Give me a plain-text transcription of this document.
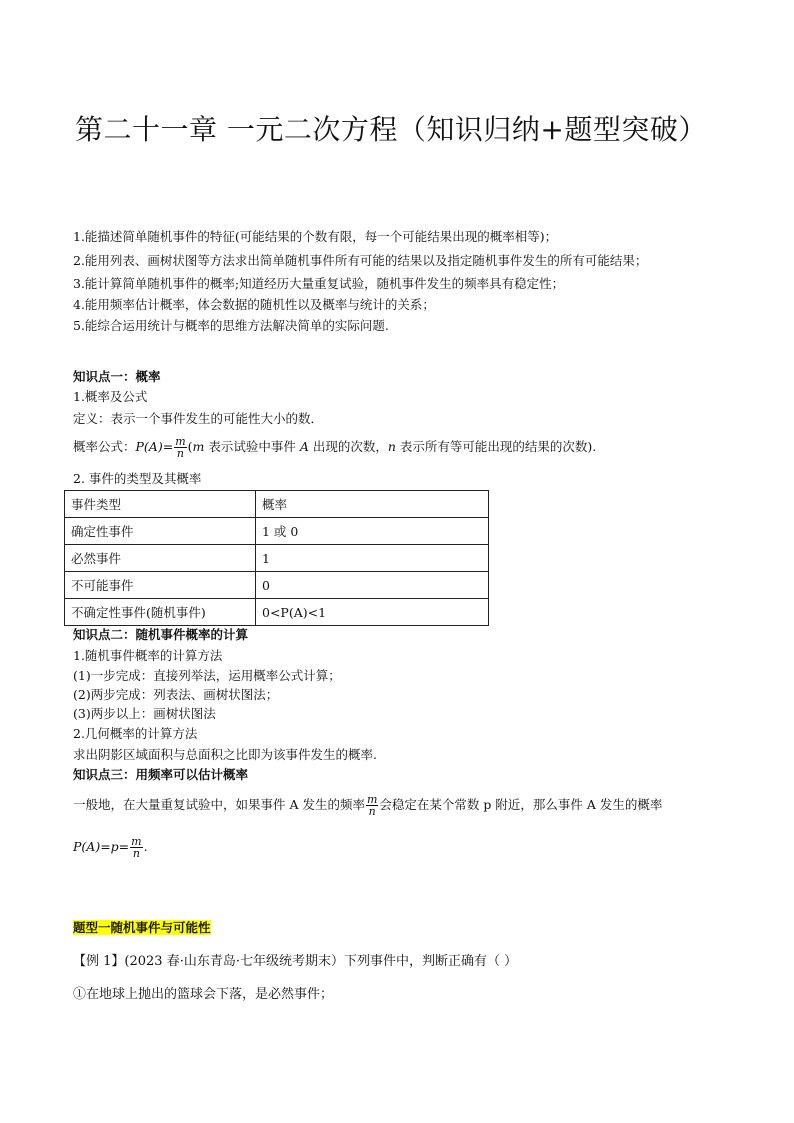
第二十一章 一元二次方程（知识归纳+题型突破）
1.能描述简单随机事件的特征(可能结果的个数有限，每一个可能结果出现的概率相等)；
2.能用列表、画树状图等方法求出简单随机事件所有可能的结果以及指定随机事件发生的所有可能结果；
3.能计算简单随机事件的概率;知道经历大量重复试验，随机事件发生的频率具有稳定性；
4.能用频率估计概率，体会数据的随机性以及概率与统计的关系；
5.能综合运用统计与概率的思维方法解决简单的实际问题.
知识点一：概率
1.概率及公式
定义：表示一个事件发生的可能性大小的数．
概率公式：$P(A)= \frac{m}{n} (m$ 表示试验中事件 A 出现的次数，n 表示所有等可能出现的结果的次数).
2. 事件的类型及其概率
事件类型	概率
确定性事件	1 或 0
必然事件	1
不可能事件	0
不确定性事件(随机事件)	0<P(A)<1
知识点二：随机事件概率的计算
1.随机事件概率的计算方法
(1)一步完成：直接列举法，运用概率公式计算；
(2)两步完成：列表法、画树状图法；
(3)两步以上：画树状图法
2.几何概率的计算方法
求出阴影区域面积与总面积之比即为该事件发生的概率.
知识点三：用频率可以估计概率
一般地，在大量重复试验中，如果事件 A 发生的频率 $\frac{m}{n}$ 会稳定在某个常数 p 附近，那么事件 A 发生的概率
$P(A)=p= \frac{m}{n}$ .
题型一随机事件与可能性
【例 1】(2023 春·山东青岛·七年级统考期末）下列事件中，判断正确有（ ）
①在地球上抛出的篮球会下落，是必然事件；
